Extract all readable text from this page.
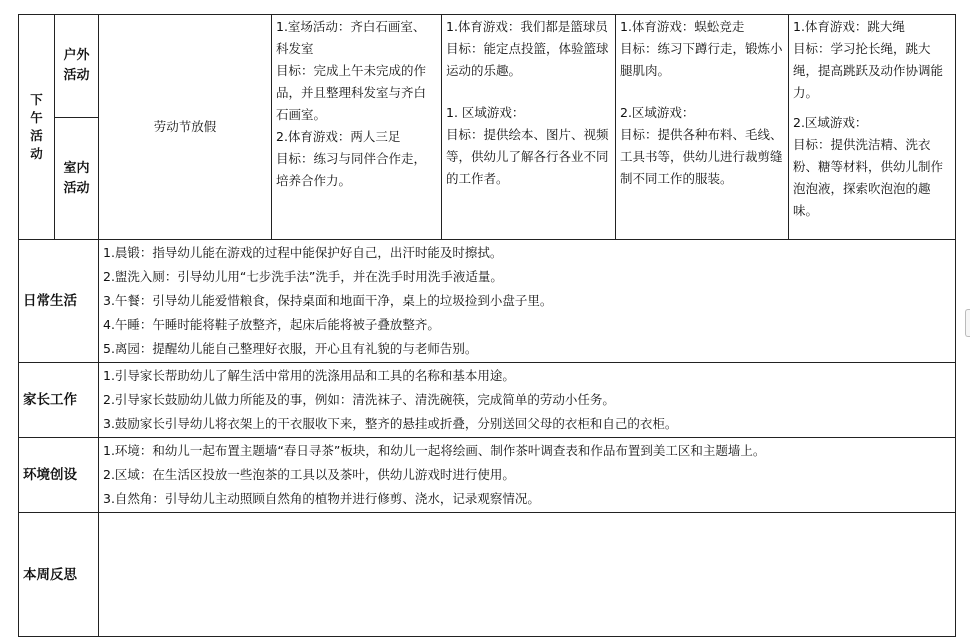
下
午
活
动	户外
活动	劳动节放假	1.室场活动：齐白石画室、科发室
目标：完成上午未完成的作品，并且整理科发室与齐白石画室。
2.体育游戏：两人三足
目标：练习与同伴合作走，培养合作力。	1.体育游戏：我们都是篮球员
目标：能定点投篮，体验篮球运动的乐趣。
1. 区域游戏：
目标：提供绘本、图片、视频等，供幼儿了解各行各业不同的工作者。	1.体育游戏：蜈蚣竞走
目标：练习下蹲行走，锻炼小腿肌肉。
2.区域游戏：
目标：提供各种布料、毛线、工具书等，供幼儿进行裁剪缝制不同工作的服装。	1.体育游戏：跳大绳
目标：学习抡长绳，跳大绳，提高跳跃及动作协调能力。
2.区域游戏：
目标：提供洗洁精、洗衣粉、糖等材料，供幼儿制作泡泡液，探索吹泡泡的趣味。

	室内
活动					

日常生活		1.晨锻：指导幼儿能在游戏的过程中能保护好自己，出汗时能及时擦拭。
2.盥洗入厕：引导幼儿用“七步洗手法”洗手，并在洗手时用洗手液适量。
3.午餐：引导幼儿能爱惜粮食，保持桌面和地面干净，桌上的垃圾捡到小盘子里。
4.午睡：午睡时能将鞋子放整齐，起床后能将被子叠放整齐。
5.离园：提醒幼儿能自己整理好衣服，开心且有礼貌的与老师告别。				

家长工作		1.引导家长帮助幼儿了解生活中常用的洗涤用品和工具的名称和基本用途。
2.引导家长鼓励幼儿做力所能及的事，例如：清洗袜子、清洗碗筷，完成简单的劳动小任务。
3.鼓励家长引导幼儿将衣架上的干衣服收下来，整齐的悬挂或折叠，分别送回父母的衣柜和自己的衣柜。				

环境创设		1.环境：和幼儿一起布置主题墙“春日寻茶”板块，和幼儿一起将绘画、制作茶叶调查表和作品布置到美工区和主题墙上。
2.区域：在生活区投放一些泡茶的工具以及茶叶，供幼儿游戏时进行使用。
3.自然角：引导幼儿主动照顾自然角的植物并进行修剪、浇水，记录观察情况。				

本周反思						
